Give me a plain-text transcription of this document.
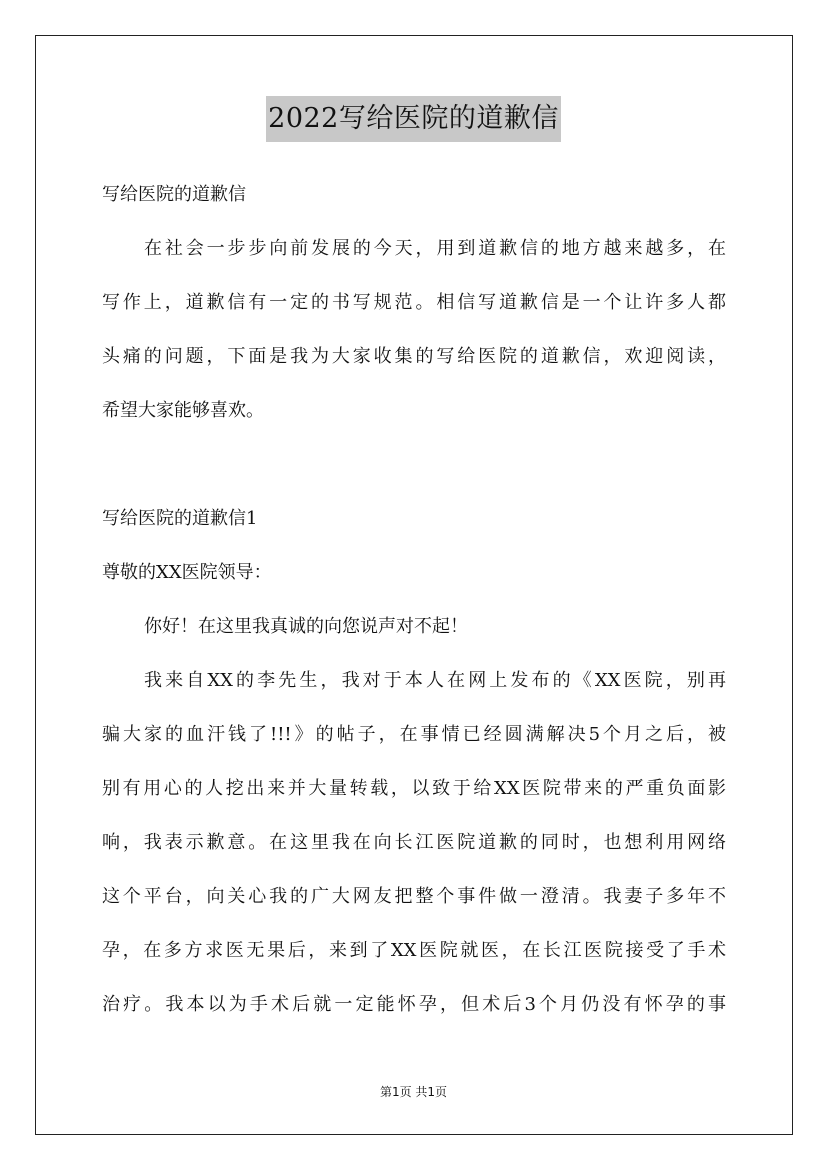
2022写给医院的道歉信
写给医院的道歉信
在社会一步步向前发展的今天，用到道歉信的地方越来越多，在
写作上，道歉信有一定的书写规范。相信写道歉信是一个让许多人都
头痛的问题，下面是我为大家收集的写给医院的道歉信，欢迎阅读，
希望大家能够喜欢。
写给医院的道歉信1
尊敬的XX医院领导：
你好！在这里我真诚的向您说声对不起！
我来自XX的李先生，我对于本人在网上发布的《XX医院，别再
骗大家的血汗钱了!!!》的帖子，在事情已经圆满解决5个月之后，被
别有用心的人挖出来并大量转载，以致于给XX医院带来的严重负面影
响，我表示歉意。在这里我在向长江医院道歉的同时，也想利用网络
这个平台，向关心我的广大网友把整个事件做一澄清。我妻子多年不
孕，在多方求医无果后，来到了XX医院就医，在长江医院接受了手术
治疗。我本以为手术后就一定能怀孕，但术后3个月仍没有怀孕的事
第1页 共1页
